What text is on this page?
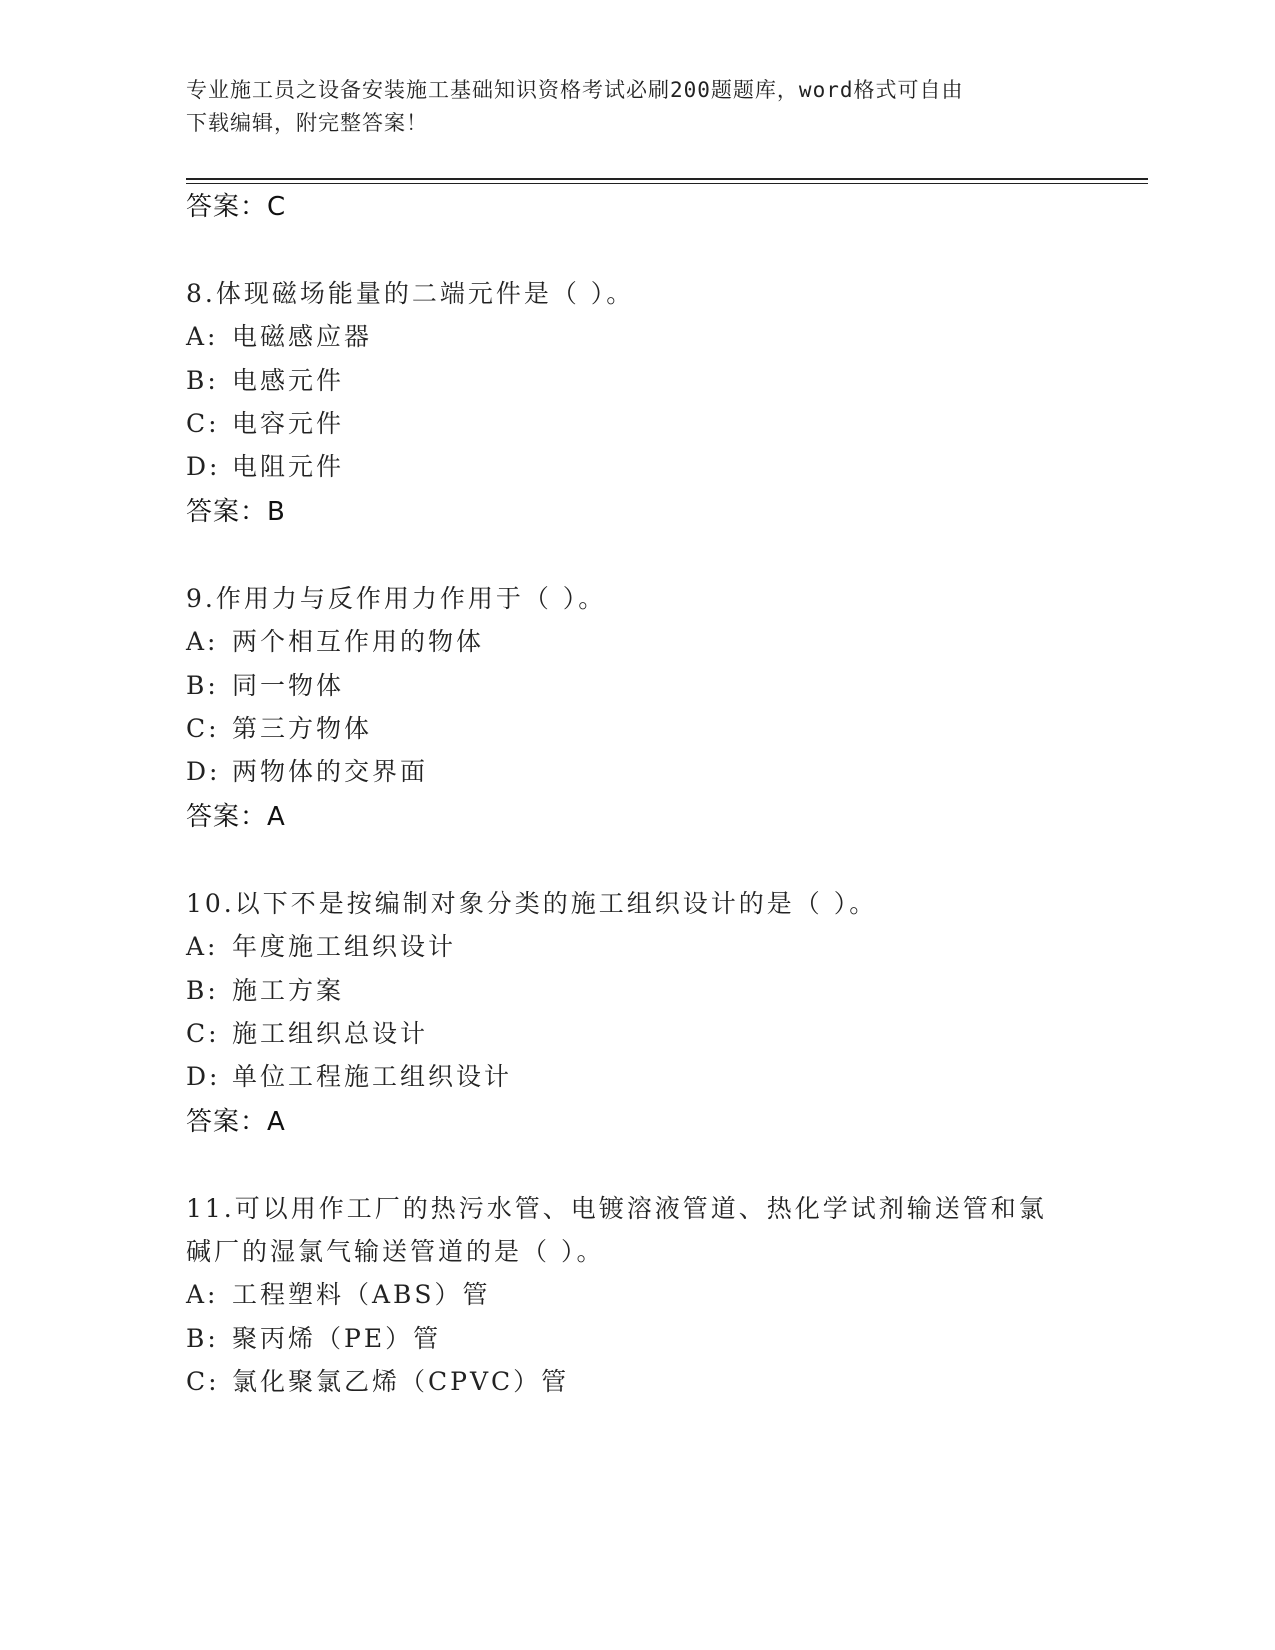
专业施工员之设备安装施工基础知识资格考试必刷200题题库，word格式可自由
下载编辑，附完整答案！
答案：C
8.体现磁场能量的二端元件是（ ）。
A: 电磁感应器
B: 电感元件
C: 电容元件
D: 电阻元件
答案：B
9.作用力与反作用力作用于（ ）。
A: 两个相互作用的物体
B: 同一物体
C: 第三方物体
D: 两物体的交界面
答案：A
10.以下不是按编制对象分类的施工组织设计的是（ ）。
A: 年度施工组织设计
B: 施工方案
C: 施工组织总设计
D: 单位工程施工组织设计
答案：A
11.可以用作工厂的热污水管、电镀溶液管道、热化学试剂输送管和氯
碱厂的湿氯气输送管道的是（ ）。
A: 工程塑料（ABS）管
B: 聚丙烯（PE）管
C: 氯化聚氯乙烯（CPVC）管
